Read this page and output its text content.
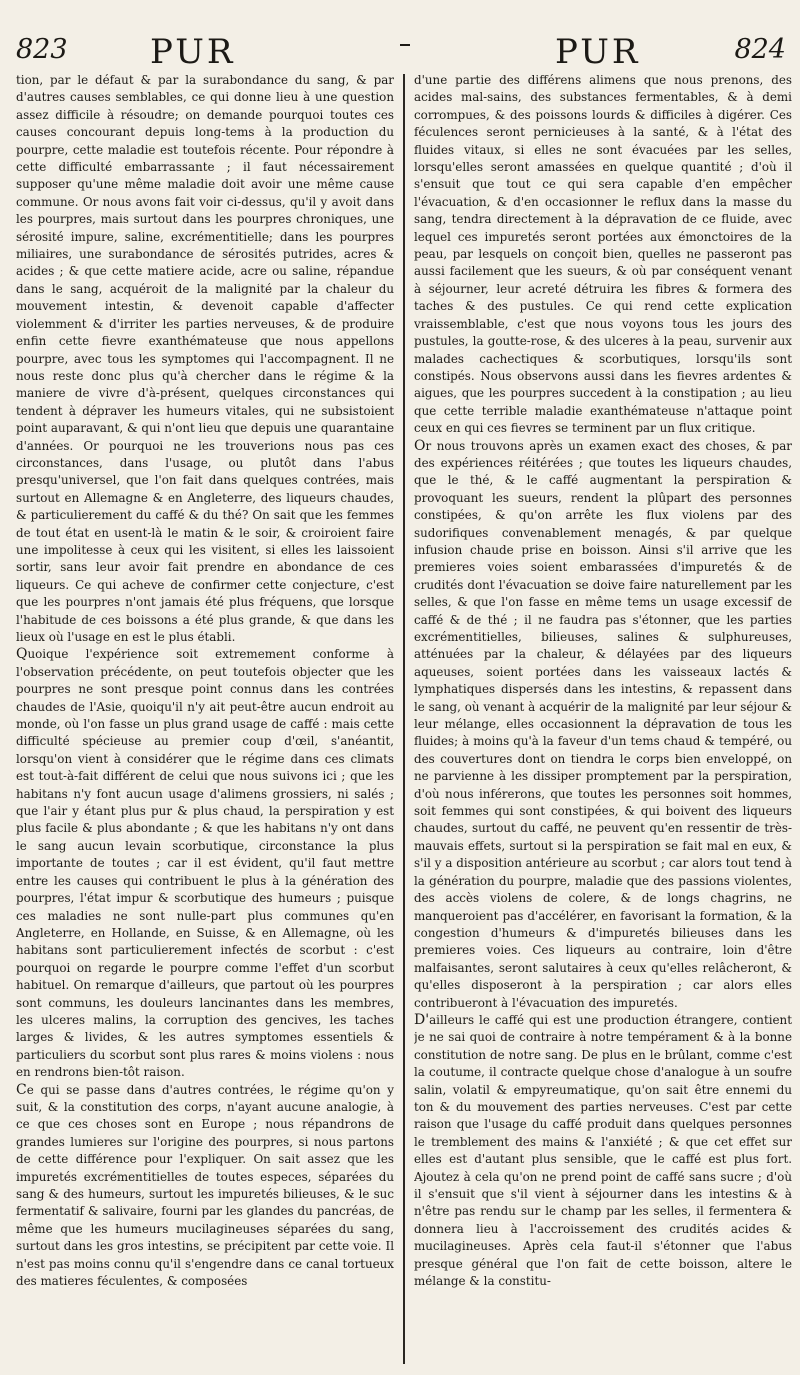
823 PUR	PUR	824

tion, par le défaut & par la surabondance du sang, & par d'autres causes semblables, ce qui donne lieu à une question assez difficile à résoudre; on demande pourquoi toutes ces causes concourant depuis long-tems à la production du pourpre, cette maladie est toutefois récente. Pour répondre à cette difficulté embarrassante ; il faut nécessairement supposer qu'une même maladie doit avoir une même cause commune. Or nous avons fait voir ci-dessus, qu'il y avoit dans les pourpres, mais surtout dans les pourpres chroniques, une sérosité impure, saline, excrémentitielle; dans les pourpres miliaires, une surabondance de sérosités putrides, acres & acides ; & que cette matiere acide, acre ou saline, répandue dans le sang, acquéroit de la malignité par la chaleur du mouvement intestin, & devenoit capable d'affecter violemment & d'irriter les parties nerveuses, & de produire enfin cette fievre exanthémateuse que nous appellons pourpre, avec tous les symptomes qui l'accompagnent. Il ne nous reste donc plus qu'à chercher dans le régime & la maniere de vivre d'à-présent, quelques circonstances qui tendent à dépraver les humeurs vitales, qui ne subsistoient point auparavant, & qui n'ont lieu que depuis une quarantaine d'années. Or pourquoi ne les trouverions nous pas ces circonstances, dans l'usage, ou plutôt dans l'abus presqu'universel, que l'on fait dans quelques contrées, mais surtout en Allemagne & en Angleterre, des liqueurs chaudes, & particulierement du caffé & du thé? On sait que les femmes de tout état en usent-là le matin & le soir, & croiroient faire une impolitesse à ceux qui les visitent, si elles les laissoient sortir, sans leur avoir fait prendre en abondance de ces liqueurs. Ce qui acheve de confirmer cette conjecture, c'est que les pourpres n'ont jamais été plus fréquens, que lorsque l'habitude de ces boissons a été plus grande, & que dans les lieux où l'usage en est le plus établi.

Quoique l'expérience soit extremement conforme à l'observation précédente, on peut toutefois objecter que les pourpres ne sont presque point connus dans les contrées chaudes de l'Asie, quoiqu'il n'y ait peut-être aucun endroit au monde, où l'on fasse un plus grand usage de caffé : mais cette difficulté spécieuse au premier coup d'œil, s'anéantit, lorsqu'on vient à considérer que le régime dans ces climats est tout-à-fait différent de celui que nous suivons ici ; que les habitans n'y font aucun usage d'alimens grossiers, ni salés ; que l'air y étant plus pur & plus chaud, la perspiration y est plus facile & plus abondante ; & que les habitans n'y ont dans le sang aucun levain scorbutique, circonstance la plus importante de toutes ; car il est évident, qu'il faut mettre entre les causes qui contribuent le plus à la génération des pourpres, l'état impur & scorbutique des humeurs ; puisque ces maladies ne sont nulle-part plus communes qu'en Angleterre, en Hollande, en Suisse, & en Allemagne, où les habitans sont particulierement infectés de scorbut : c'est pourquoi on regarde le pourpre comme l'effet d'un scorbut habituel. On remarque d'ailleurs, que partout où les pourpres sont communs, les douleurs lancinantes dans les membres, les ulceres malins, la corruption des gencives, les taches larges & livides, & les autres symptomes essentiels & particuliers du scorbut sont plus rares & moins violens : nous en rendrons bien-tôt raison.

Ce qui se passe dans d'autres contrées, le régime qu'on y suit, & la constitution des corps, n'ayant aucune analogie, à ce que ces choses sont en Europe ; nous répandrons de grandes lumieres sur l'origine des pourpres, si nous partons de cette différence pour l'expliquer. On sait assez que les impuretés excrémentitielles de toutes especes, séparées du sang & des humeurs, surtout les impuretés bilieuses, & le suc fermentatif & salivaire, fourni par les glandes du pancréas, de même que les humeurs mucilagineuses séparées du sang, surtout dans les gros intestins, se précipitent par cette voie. Il n'est pas moins connu qu'il s'engendre dans ce canal tortueux des matieres féculentes, & composées

d'une partie des différens alimens que nous prenons, des acides mal-sains, des substances fermentables, & à demi corrompues, & des poissons lourds & difficiles à digérer. Ces féculences seront pernicieuses à la santé, & à l'état des fluides vitaux, si elles ne sont évacuées par les selles, lorsqu'elles seront amassées en quelque quantité ; d'où il s'ensuit que tout ce qui sera capable d'en empêcher l'évacuation, & d'en occasionner le reflux dans la masse du sang, tendra directement à la dépravation de ce fluide, avec lequel ces impuretés seront portées aux émonctoires de la peau, par lesquels on conçoit bien, quelles ne passeront pas aussi facilement que les sueurs, & où par conséquent venant à séjourner, leur acreté détruira les fibres & formera des taches & des pustules. Ce qui rend cette explication vraissemblable, c'est que nous voyons tous les jours des pustules, la goutte-rose, & des ulceres à la peau, survenir aux malades cachectiques & scorbutiques, lorsqu'ils sont constipés. Nous observons aussi dans les fievres ardentes & aigues, que les pourpres succedent à la constipation ; au lieu que cette terrible maladie exanthémateuse n'attaque point ceux en qui ces fievres se terminent par un flux critique.

Or nous trouvons après un examen exact des choses, & par des expériences réitérées ; que toutes les liqueurs chaudes, que le thé, & le caffé augmentant la perspiration & provoquant les sueurs, rendent la plûpart des personnes constipées, & qu'on arrête les flux violens par des sudorifiques convenablement menagés, & par quelque infusion chaude prise en boisson. Ainsi s'il arrive que les premieres voies soient embarassées d'impuretés & de crudités dont l'évacuation se doive faire naturellement par les selles, & que l'on fasse en même tems un usage excessif de caffé & de thé ; il ne faudra pas s'étonner, que les parties excrémentitielles, bilieuses, salines & sulphureuses, atténuées par la chaleur, & délayées par des liqueurs aqueuses, soient portées dans les vaisseaux lactés & lymphatiques dispersés dans les intestins, & repassent dans le sang, où venant à acquérir de la malignité par leur séjour & leur mélange, elles occasionnent la dépravation de tous les fluides; à moins qu'à la faveur d'un tems chaud & tempéré, ou des couvertures dont on tiendra le corps bien enveloppé, on ne parvienne à les dissiper promptement par la perspiration, d'où nous inférerons, que toutes les personnes soit hommes, soit femmes qui sont constipées, & qui boivent des liqueurs chaudes, surtout du caffé, ne peuvent qu'en ressentir de très-mauvais effets, surtout si la perspiration se fait mal en eux, & s'il y a disposition antérieure au scorbut ; car alors tout tend à la génération du pourpre, maladie que des passions violentes, des accès violens de colere, & de longs chagrins, ne manqueroient pas d'accélérer, en favorisant la formation, & la congestion d'humeurs & d'impuretés bilieuses dans les premieres voies. Ces liqueurs au contraire, loin d'être malfaisantes, seront salutaires à ceux qu'elles relâcheront, & qu'elles disposeront à la perspiration ; car alors elles contribueront à l'évacuation des impuretés.

D'ailleurs le caffé qui est une production étrangere, contient je ne sai quoi de contraire à notre tempérament & à la bonne constitution de notre sang. De plus en le brûlant, comme c'est la coutume, il contracte quelque chose d'analogue à un soufre salin, volatil & empyreumatique, qu'on sait être ennemi du ton & du mouvement des parties nerveuses. C'est par cette raison que l'usage du caffé produit dans quelques personnes le tremblement des mains & l'anxiété ; & que cet effet sur elles est d'autant plus sensible, que le caffé est plus fort. Ajoutez à cela qu'on ne prend point de caffé sans sucre ; d'où il s'ensuit que s'il vient à séjourner dans les intestins & à n'être pas rendu sur le champ par les selles, il fermentera & donnera lieu à l'accroissement des crudités acides & mucilagineuses. Après cela faut-il s'étonner que l'abus presque général que l'on fait de cette boisson, altere le mélange & la constitu-
